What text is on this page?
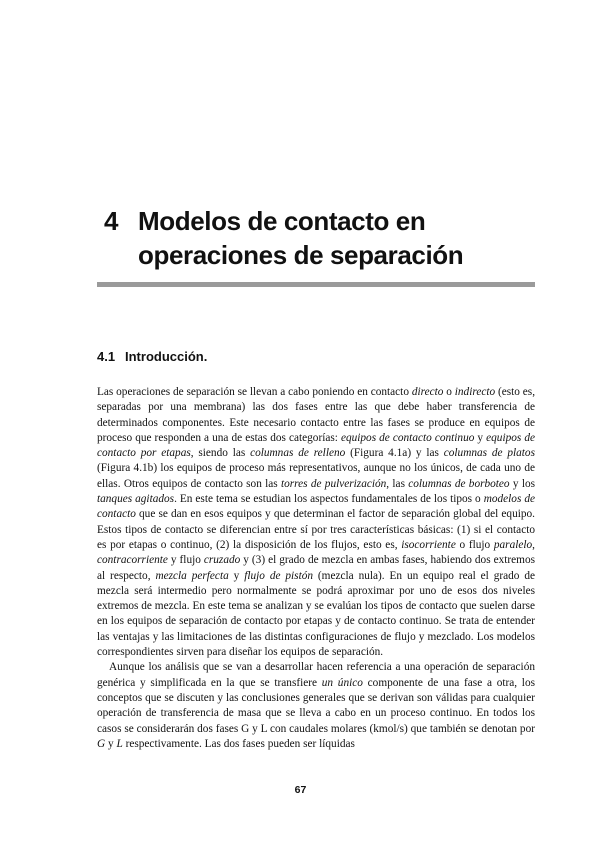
4 Modelos de contacto en
operaciones de separación
4.1 Introducción.

Las operaciones de separación se llevan a cabo poniendo en contacto directo o indirecto (esto es, separadas por una membrana) las dos fases entre las que debe haber transferencia de determinados componentes. Este necesario contacto entre las fases se produce en equipos de proceso que responden a una de estas dos categorías: equipos de contacto continuo y equipos de contacto por etapas, siendo las columnas de relleno (Figura 4.1a) y las columnas de platos (Figura 4.1b) los equipos de proceso más representativos, aunque no los únicos, de cada uno de ellas. Otros equipos de contacto son las torres de pulverización, las columnas de borboteo y los tanques agitados. En este tema se estudian los aspectos fundamentales de los tipos o modelos de contacto que se dan en esos equipos y que determinan el factor de separación global del equipo. Estos tipos de contacto se diferencian entre sí por tres características básicas: (1) si el contacto es por etapas o continuo, (2) la disposición de los flujos, esto es, isocorriente o flujo paralelo, contracorriente y flujo cruzado y (3) el grado de mezcla en ambas fases, habiendo dos extremos al respecto, mezcla perfecta y flujo de pistón (mezcla nula). En un equipo real el grado de mezcla será intermedio pero normalmente se podrá aproximar por uno de esos dos niveles extremos de mezcla. En este tema se analizan y se evalúan los tipos de contacto que suelen darse en los equipos de separación de contacto por etapas y de contacto continuo. Se trata de entender las ventajas y las limitaciones de las distintas configuraciones de flujo y mezclado. Los modelos correspondientes sirven para diseñar los equipos de separación.

Aunque los análisis que se van a desarrollar hacen referencia a una operación de separación genérica y simplificada en la que se transfiere un único componente de una fase a otra, los conceptos que se discuten y las conclusiones generales que se derivan son válidas para cualquier operación de transferencia de masa que se lleva a cabo en un proceso continuo. En todos los casos se considerarán dos fases G y L con caudales molares (kmol/s) que también se denotan por G y L respectivamente. Las dos fases pueden ser líquidas

67
